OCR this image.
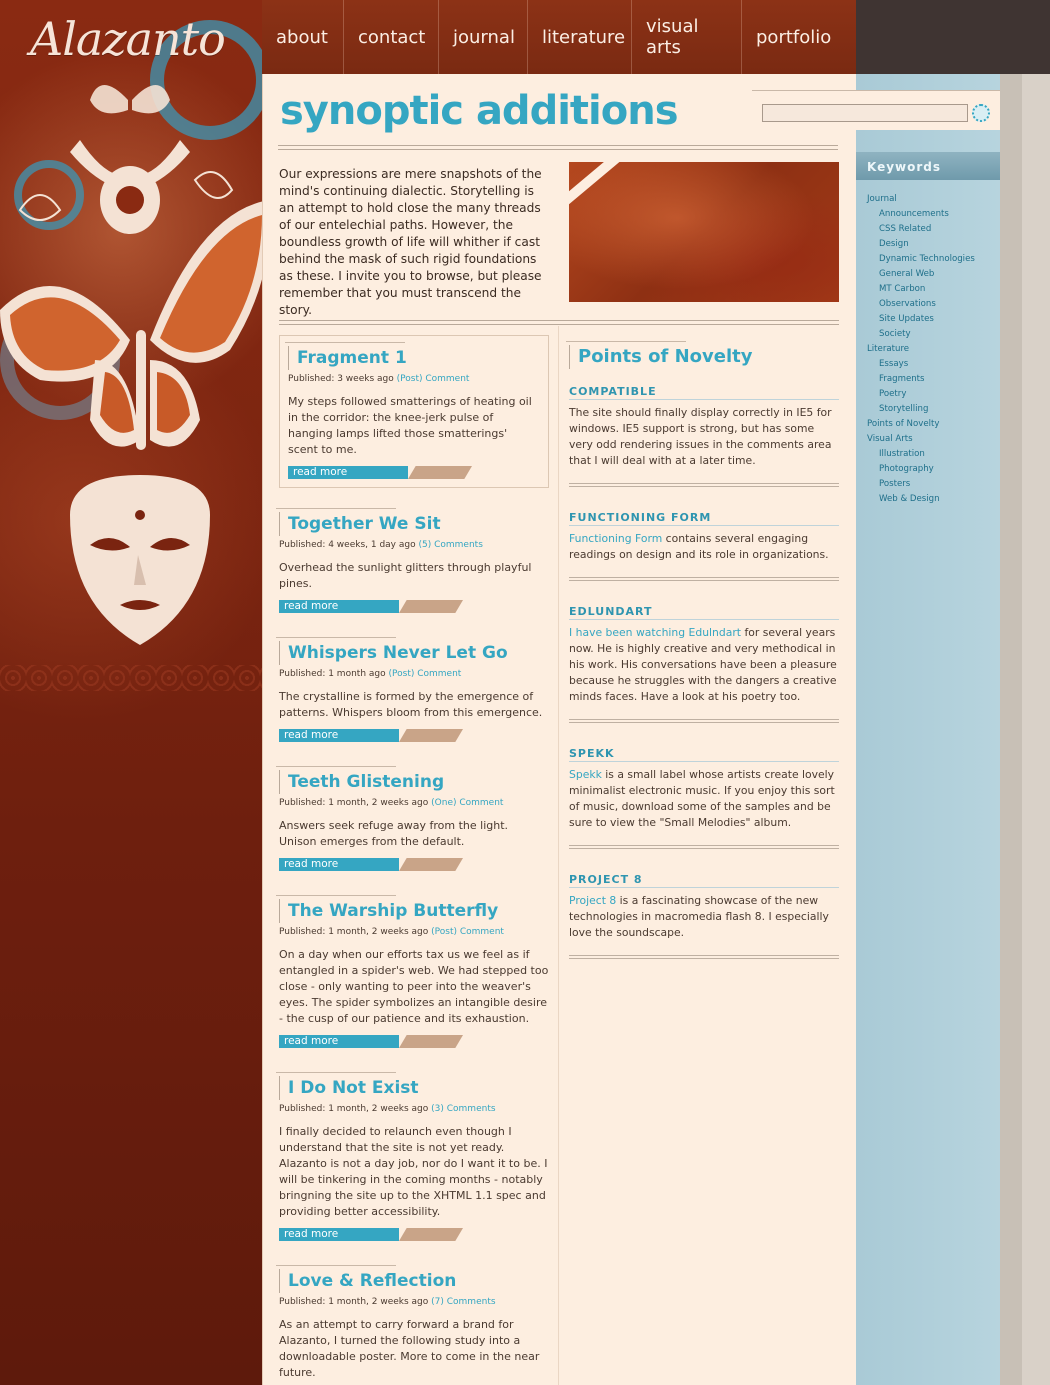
Alazanto	about	contact	journal	literature	visual arts	portfolio
synoptic additions

Our expressions are mere snapshots of the mind's continuing dialectic. Storytelling is an attempt to hold close the many threads of our entelechial paths. However, the boundless growth of life will whither if cast behind the mask of such rigid foundations as these. I invite you to browse, but please remember that you must transcend the story.

Fragment 1
Published: 3 weeks ago (Post) Comment

My steps followed smatterings of heating oil in the corridor: the knee-jerk pulse of hanging lamps lifted those smatterings' scent to me.

read more
Together We Sit
Published: 4 weeks, 1 day ago (5) Comments

Overhead the sunlight glitters through playful pines.

read more
Whispers Never Let Go
Published: 1 month ago (Post) Comment

The crystalline is formed by the emergence of patterns. Whispers bloom from this emergence.

read more
Teeth Glistening
Published: 1 month, 2 weeks ago (One) Comment

Answers seek refuge away from the light. Unison emerges from the default.

read more
The Warship Butterfly
Published: 1 month, 2 weeks ago (Post) Comment

On a day when our efforts tax us we feel as if entangled in a spider's web. We had stepped too close - only wanting to peer into the weaver's eyes. The spider symbolizes an intangible desire - the cusp of our patience and its exhaustion.

read more
I Do Not Exist
Published: 1 month, 2 weeks ago (3) Comments

I finally decided to relaunch even though I understand that the site is not yet ready. Alazanto is not a day job, nor do I want it to be. I will be tinkering in the coming months - notably bringning the site up to the XHTML 1.1 spec and providing better accessibility.

read more
Love & Reflection
Published: 1 month, 2 weeks ago (7) Comments

As an attempt to carry forward a brand for Alazanto, I turned the following study into a downloadable poster. More to come in the near future.

Points of Novelty
COMPATIBLE

The site should finally display correctly in IE5 for windows. IE5 support is strong, but has some very odd rendering issues in the comments area that I will deal with at a later time.

FUNCTIONING FORM

Functioning Form contains several engaging readings on design and its role in organizations.

EDLUNDART

I have been watching Edulndart for several years now. He is highly creative and very methodical in his work. His conversations have been a pleasure because he struggles with the dangers a creative minds faces. Have a look at his poetry too.

SPEKK

Spekk is a small label whose artists create lovely minimalist electronic music. If you enjoy this sort of music, download some of the samples and be sure to view the "Small Melodies" album.

PROJECT 8

Project 8 is a fascinating showcase of the new technologies in macromedia flash 8. I especially love the soundscape.

Keywords
Journal
Announcements
CSS Related
Design
Dynamic Technologies
General Web
MT Carbon
Observations
Site Updates
Society
Literature
Essays
Fragments
Poetry
Storytelling
Points of Novelty
Visual Arts
Illustration
Photography
Posters
Web & Design
